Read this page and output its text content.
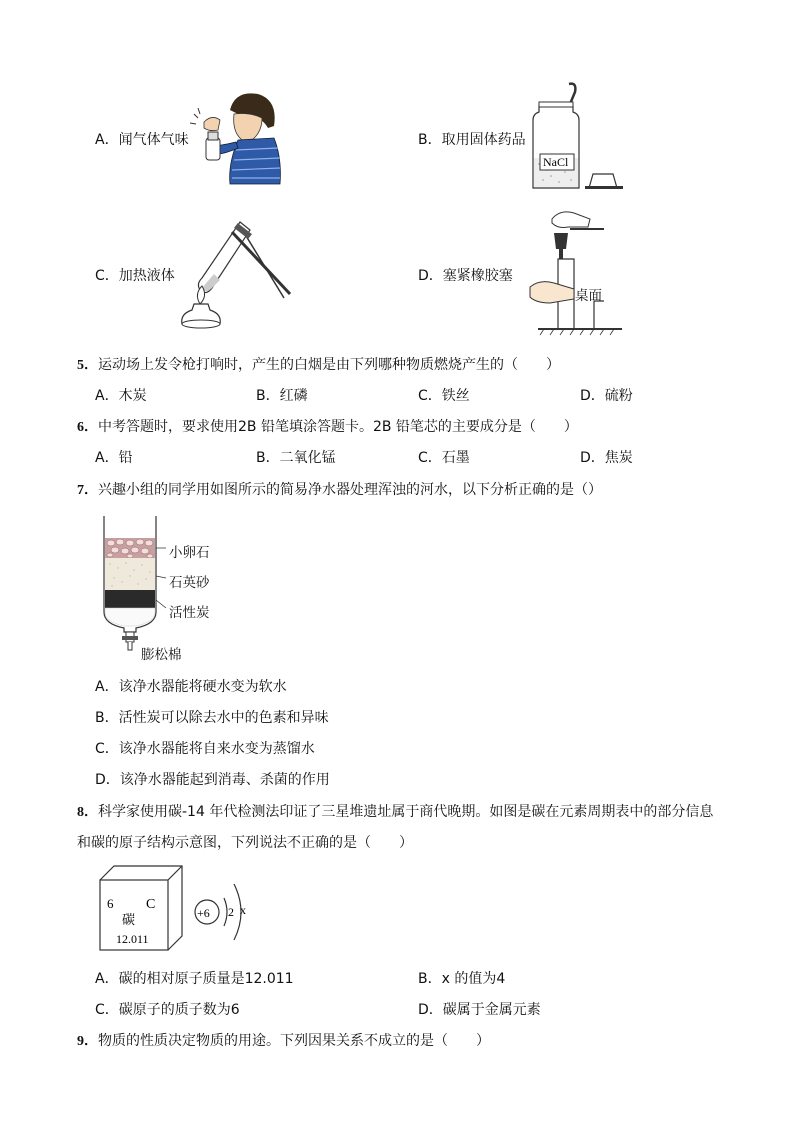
A．闻气体气味	B．取用固体药品
NaCl
C．加热液体	D．塞紧橡胶塞
桌面
5．运动场上发令枪打响时，产生的白烟是由下列哪种物质燃烧产生的（　　）
A．木炭	B．红磷	C．铁丝	D．硫粉
6．中考答题时，要求使用2B 铅笔填涂答题卡。2B 铅笔芯的主要成分是（　　）
A．铅	B．二氧化锰	C．石墨	D．焦炭
7．兴趣小组的同学用如图所示的简易净水器处理浑浊的河水，以下分析正确的是（）
小卵石
石英砂
活性炭
膨松棉
A．该净水器能将硬水变为软水
B．活性炭可以除去水中的色素和异味
C．该净水器能将自来水变为蒸馏水
D．该净水器能起到消毒、杀菌的作用
8．科学家使用碳-14 年代检测法印证了三星堆遗址属于商代晚期。如图是碳在元素周期表中的部分信息
和碳的原子结构示意图，下列说法不正确的是（　　）
6 C
碳
12.011
+6 2 x
A．碳的相对原子质量是12.011	B．x 的值为4
C．碳原子的质子数为6	D．碳属于金属元素
9．物质的性质决定物质的用途。下列因果关系不成立的是（　　）
